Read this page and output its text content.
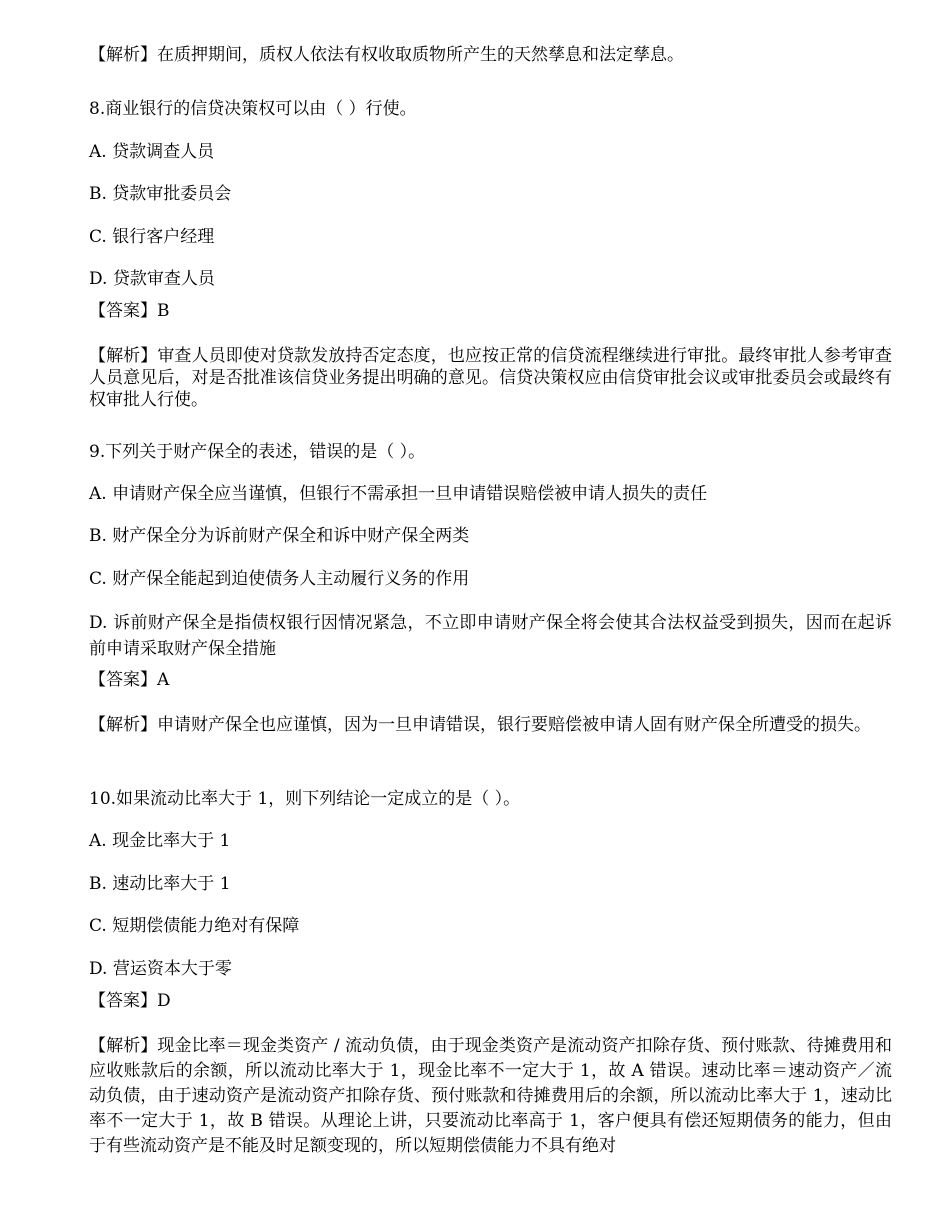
【解析】在质押期间，质权人依法有权收取质物所产生的天然孳息和法定孳息。
8.商业银行的信贷决策权可以由（ ）行使。
A. 贷款调查人员
B. 贷款审批委员会
C. 银行客户经理
D. 贷款审查人员
【答案】B
【解析】审查人员即使对贷款发放持否定态度，也应按正常的信贷流程继续进行审批。最终审批人参考审查人员意见后，对是否批准该信贷业务提出明确的意见。信贷决策权应由信贷审批会议或审批委员会或最终有权审批人行使。
9.下列关于财产保全的表述，错误的是（ ）。
A. 申请财产保全应当谨慎，但银行不需承担一旦申请错误赔偿被申请人损失的责任
B. 财产保全分为诉前财产保全和诉中财产保全两类
C. 财产保全能起到迫使债务人主动履行义务的作用
D. 诉前财产保全是指债权银行因情况紧急，不立即申请财产保全将会使其合法权益受到损失，因而在起诉前申请采取财产保全措施
【答案】A
【解析】申请财产保全也应谨慎，因为一旦申请错误，银行要赔偿被申请人固有财产保全所遭受的损失。
10.如果流动比率大于 1，则下列结论一定成立的是（ ）。
A. 现金比率大于 1
B. 速动比率大于 1
C. 短期偿债能力绝对有保障
D. 营运资本大于零
【答案】D
【解析】现金比率＝现金类资产 / 流动负债，由于现金类资产是流动资产扣除存货、预付账款、待摊费用和应收账款后的余额，所以流动比率大于 1，现金比率不一定大于 1，故 A 错误。速动比率＝速动资产／流动负债，由于速动资产是流动资产扣除存货、预付账款和待摊费用后的余额，所以流动比率大于 1，速动比率不一定大于 1，故 B 错误。从理论上讲，只要流动比率高于 1，客户便具有偿还短期债务的能力，但由于有些流动资产是不能及时足额变现的，所以短期偿债能力不具有绝对
